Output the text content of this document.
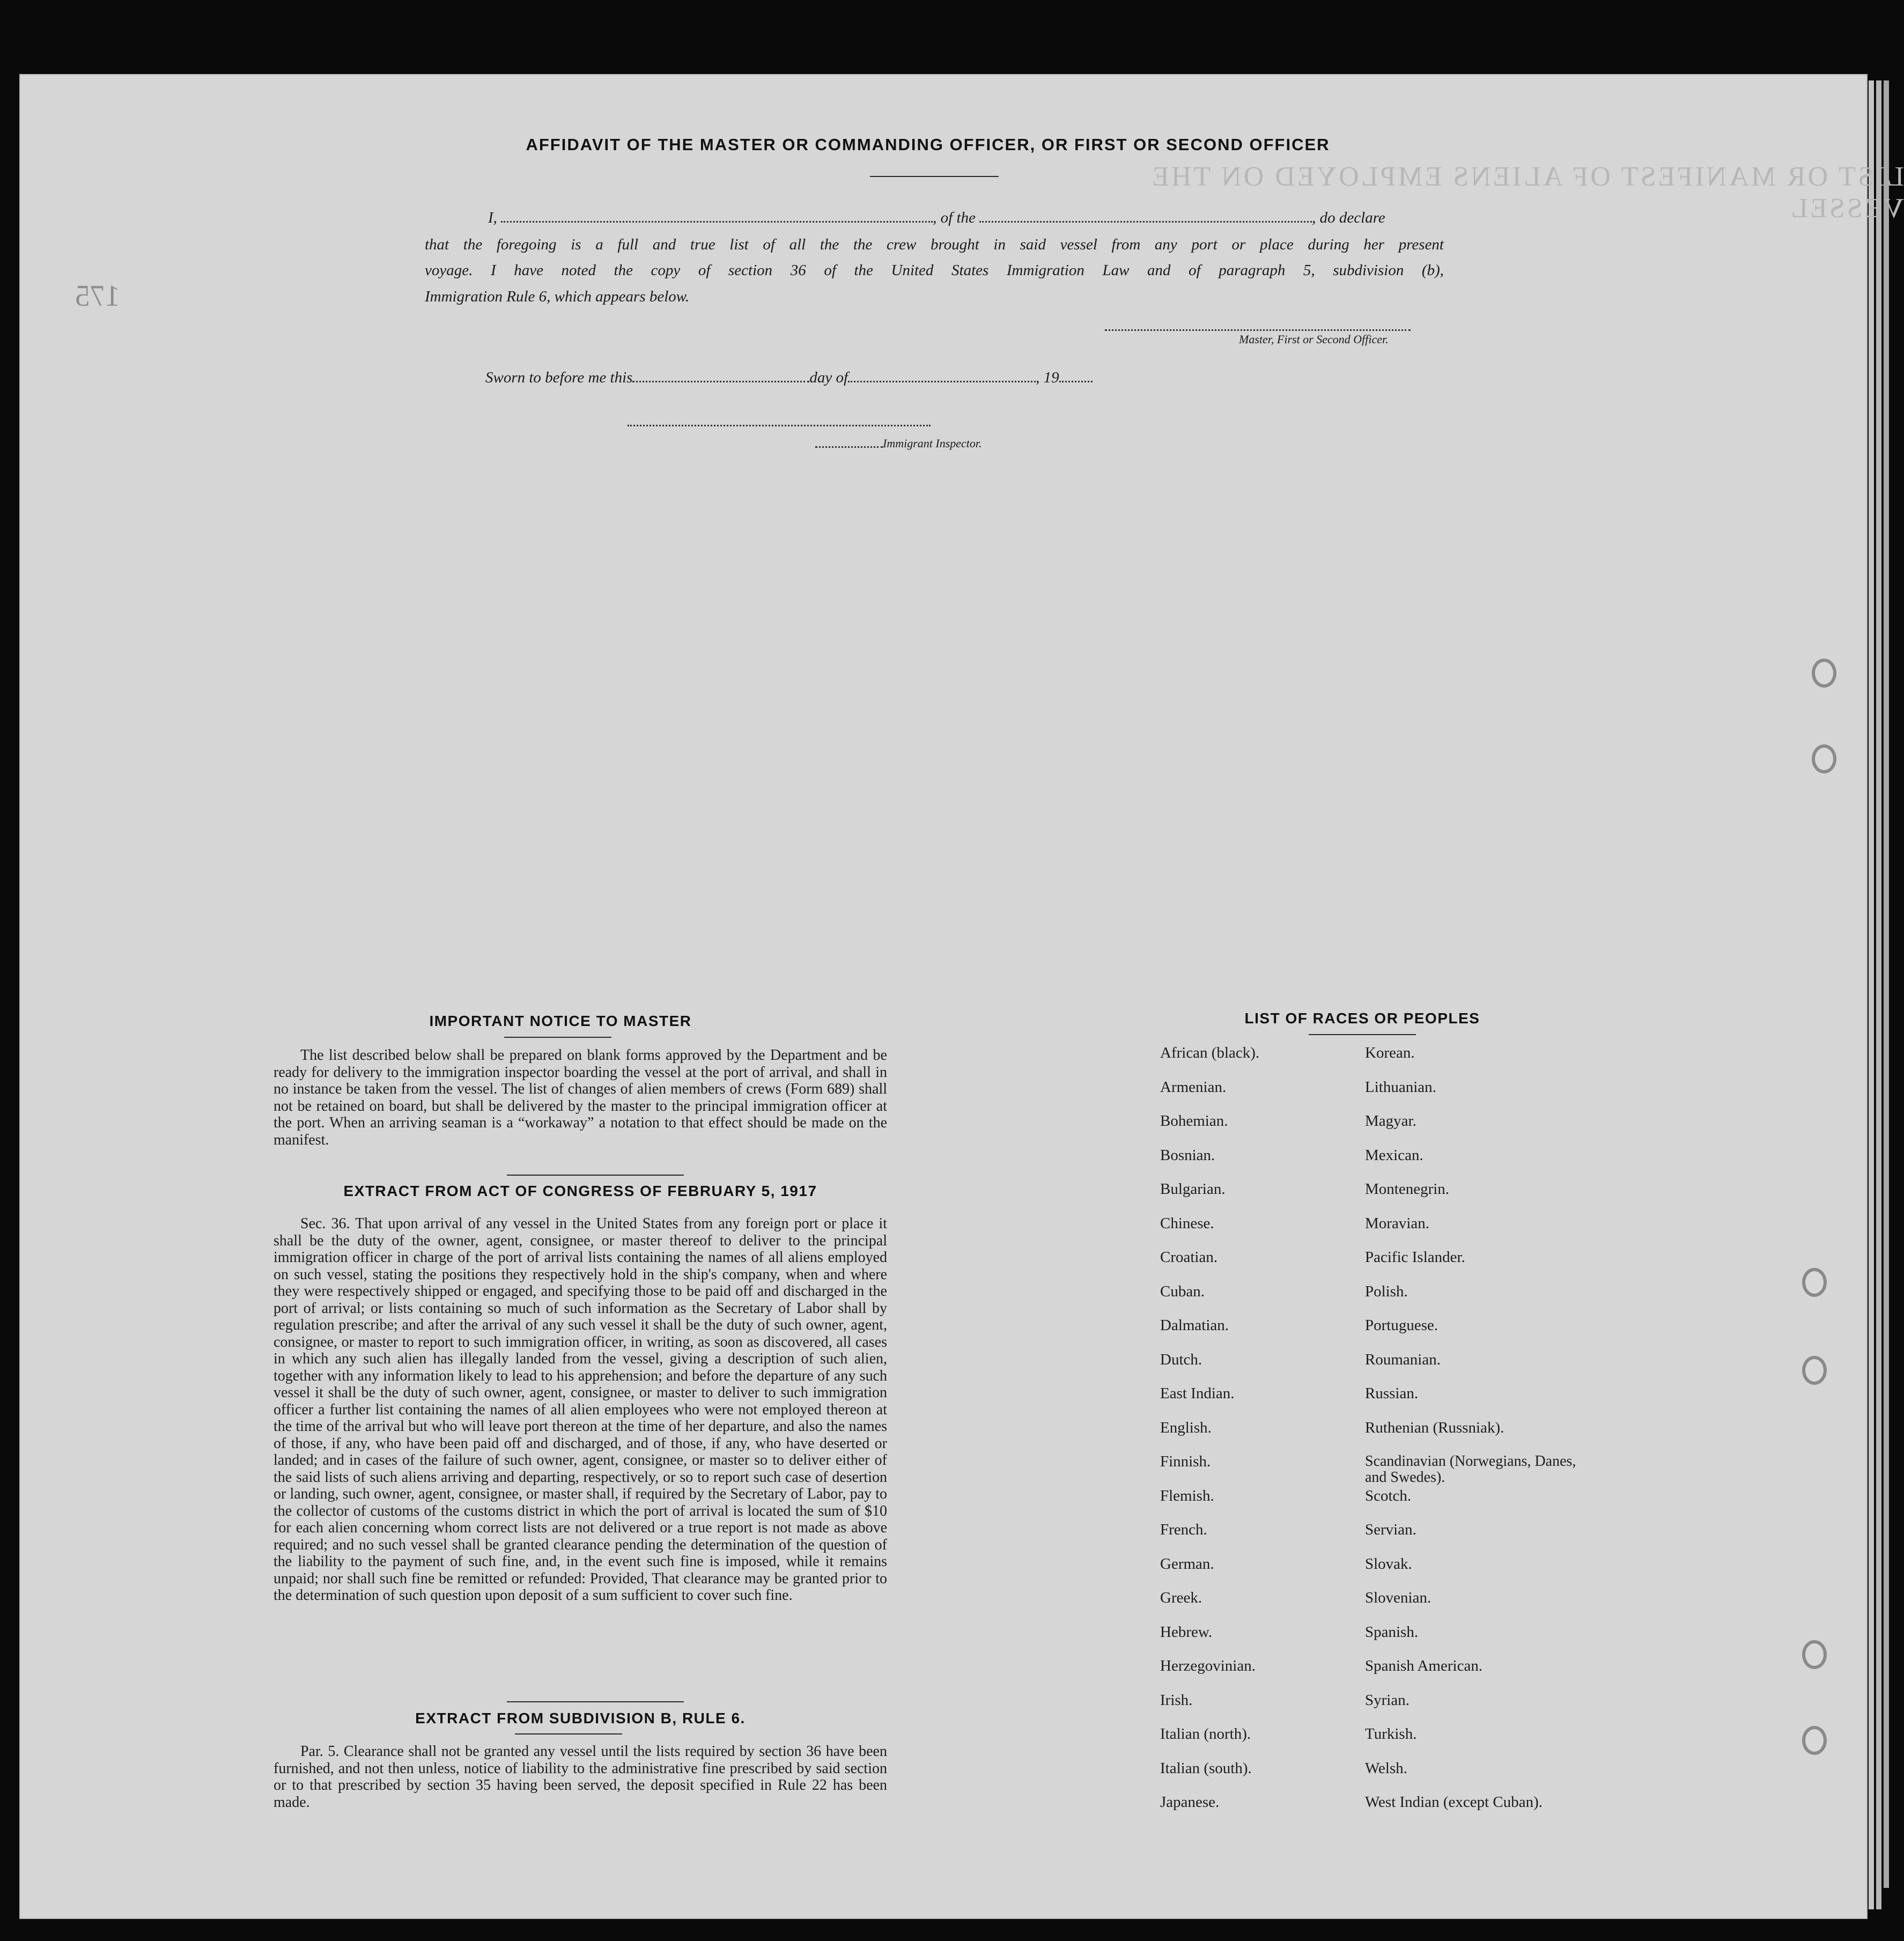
LIST OR MANIFEST OF ALIENS EMPLOYED ON THE VESSEL
175
AFFIDAVIT OF THE MASTER OR COMMANDING OFFICER, OR FIRST OR SECOND OFFICER
I,	, of the	, do declare
that the foregoing is a full and true list of all the the crew brought in said vessel from any port or place during her present
voyage. I have noted the copy of section 36 of the United States Immigration Law and of paragraph 5, subdivision (b),
Immigration Rule 6, which appears below.
Master, First or Second Officer.
Sworn to before me this	day of	, 19
Immigrant Inspector.
IMPORTANT NOTICE TO MASTER
The list described below shall be prepared on blank forms approved by the Department and be ready for delivery to the immigration inspector boarding the vessel at the port of arrival, and shall in no instance be taken from the vessel. The list of changes of alien members of crews (Form 689) shall not be retained on board, but shall be delivered by the master to the principal immigration officer at the port. When an arriving seaman is a “workaway” a notation to that effect should be made on the manifest.
EXTRACT FROM ACT OF CONGRESS OF FEBRUARY 5, 1917
Sec. 36. That upon arrival of any vessel in the United States from any foreign port or place it shall be the duty of the owner, agent, consignee, or master thereof to deliver to the principal immigration officer in charge of the port of arrival lists containing the names of all aliens employed on such vessel, stating the positions they respectively hold in the ship's company, when and where they were respectively shipped or engaged, and specifying those to be paid off and discharged in the port of arrival; or lists containing so much of such information as the Secretary of Labor shall by regulation prescribe; and after the arrival of any such vessel it shall be the duty of such owner, agent, consignee, or master to report to such immigration officer, in writing, as soon as discovered, all cases in which any such alien has illegally landed from the vessel, giving a description of such alien, together with any information likely to lead to his apprehension; and before the departure of any such vessel it shall be the duty of such owner, agent, consignee, or master to deliver to such immigration officer a further list containing the names of all alien employees who were not employed thereon at the time of the arrival but who will leave port thereon at the time of her departure, and also the names of those, if any, who have been paid off and discharged, and of those, if any, who have deserted or landed; and in cases of the failure of such owner, agent, consignee, or master so to deliver either of the said lists of such aliens arriving and departing, respectively, or so to report such case of desertion or landing, such owner, agent, consignee, or master shall, if required by the Secretary of Labor, pay to the collector of customs of the customs district in which the port of arrival is located the sum of $10 for each alien concerning whom correct lists are not delivered or a true report is not made as above required; and no such vessel shall be granted clearance pending the determination of the question of the liability to the payment of such fine, and, in the event such fine is imposed, while it remains unpaid; nor shall such fine be remitted or refunded: Provided, That clearance may be granted prior to the determination of such question upon deposit of a sum sufficient to cover such fine.
EXTRACT FROM SUBDIVISION B, RULE 6.
Par. 5. Clearance shall not be granted any vessel until the lists required by section 36 have been furnished, and not then unless, notice of liability to the administrative fine prescribed by said section or to that prescribed by section 35 having been served, the deposit specified in Rule 22 has been made.
LIST OF RACES OR PEOPLES
African (black).
Armenian.
Bohemian.
Bosnian.
Bulgarian.
Chinese.
Croatian.
Cuban.
Dalmatian.
Dutch.
East Indian.
English.
Finnish.
Flemish.
French.
German.
Greek.
Hebrew.
Herzegovinian.
Irish.
Italian (north).
Italian (south).
Japanese.
Korean.
Lithuanian.
Magyar.
Mexican.
Montenegrin.
Moravian.
Pacific Islander.
Polish.
Portuguese.
Roumanian.
Russian.
Ruthenian (Russniak).
Scandinavian (Norwegians, Danes, and Swedes).
Scotch.
Servian.
Slovak.
Slovenian.
Spanish.
Spanish American.
Syrian.
Turkish.
Welsh.
West Indian (except Cuban).
